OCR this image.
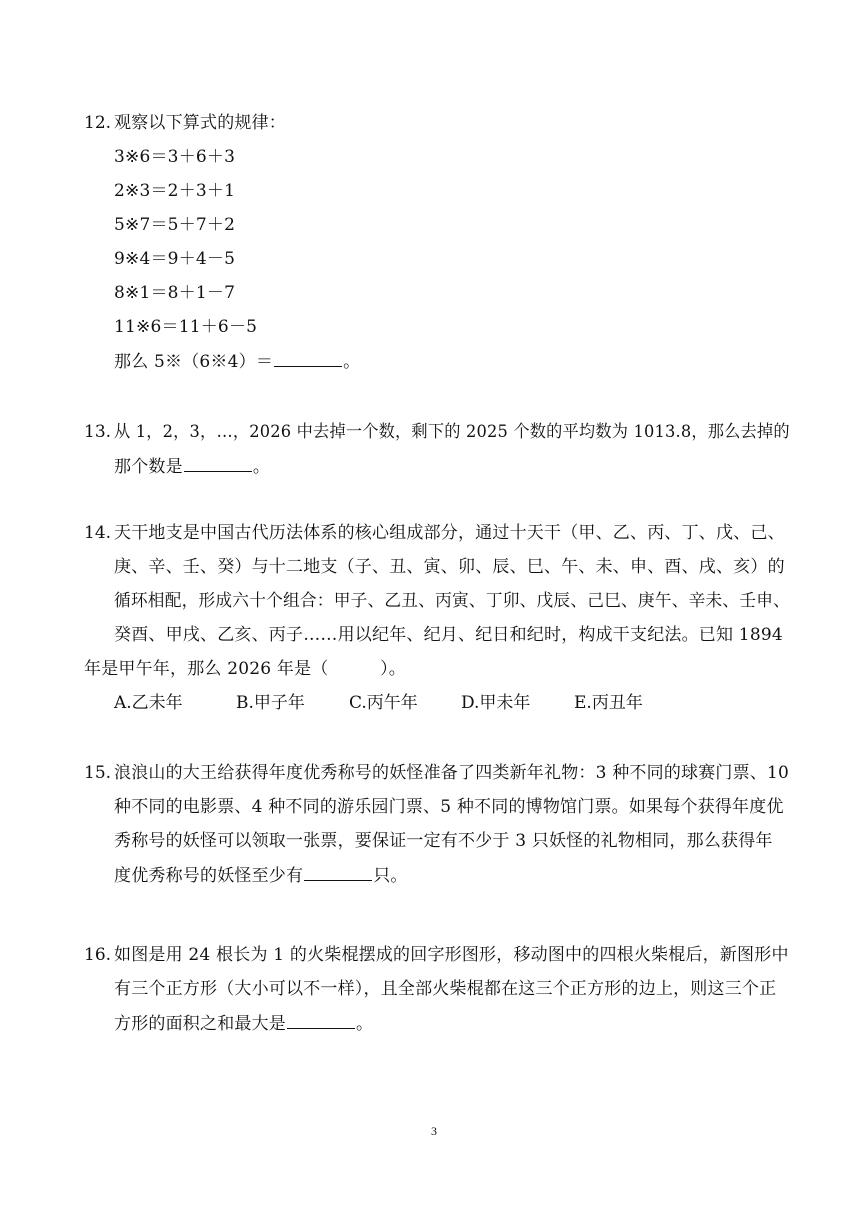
12. 观察以下算式的规律：
3※6＝3＋6＋3
2※3＝2＋3＋1
5※7＝5＋7＋2
9※4＝9＋4－5
8※1＝8＋1－7
11※6＝11＋6－5
那么 5※（6※4）＝	。
13. 从 1，2，3，…，2026 中去掉一个数，剩下的 2025 个数的平均数为 1013.8，那么去掉的
那个数是	。
14. 天干地支是中国古代历法体系的核心组成部分，通过十天干（甲、乙、丙、丁、戊、己、
庚、辛、壬、癸）与十二地支（子、丑、寅、卯、辰、巳、午、未、申、酉、戌、亥）的
循环相配，形成六十个组合：甲子、乙丑、丙寅、丁卯、戊辰、己巳、庚午、辛未、壬申、
癸酉、甲戌、乙亥、丙子……用以纪年、纪月、纪日和纪时，构成干支纪法。已知 1894
年是甲午年，那么 2026 年是（　　　）。
A.乙未年	B.甲子年	C.丙午年	D.甲未年	E.丙丑年
15. 浪浪山的大王给获得年度优秀称号的妖怪准备了四类新年礼物：3 种不同的球赛门票、10
种不同的电影票、4 种不同的游乐园门票、5 种不同的博物馆门票。如果每个获得年度优
秀称号的妖怪可以领取一张票，要保证一定有不少于 3 只妖怪的礼物相同，那么获得年
度优秀称号的妖怪至少有	只。
16. 如图是用 24 根长为 1 的火柴棍摆成的回字形图形，移动图中的四根火柴棍后，新图形中
有三个正方形（大小可以不一样），且全部火柴棍都在这三个正方形的边上，则这三个正
方形的面积之和最大是	。
3
